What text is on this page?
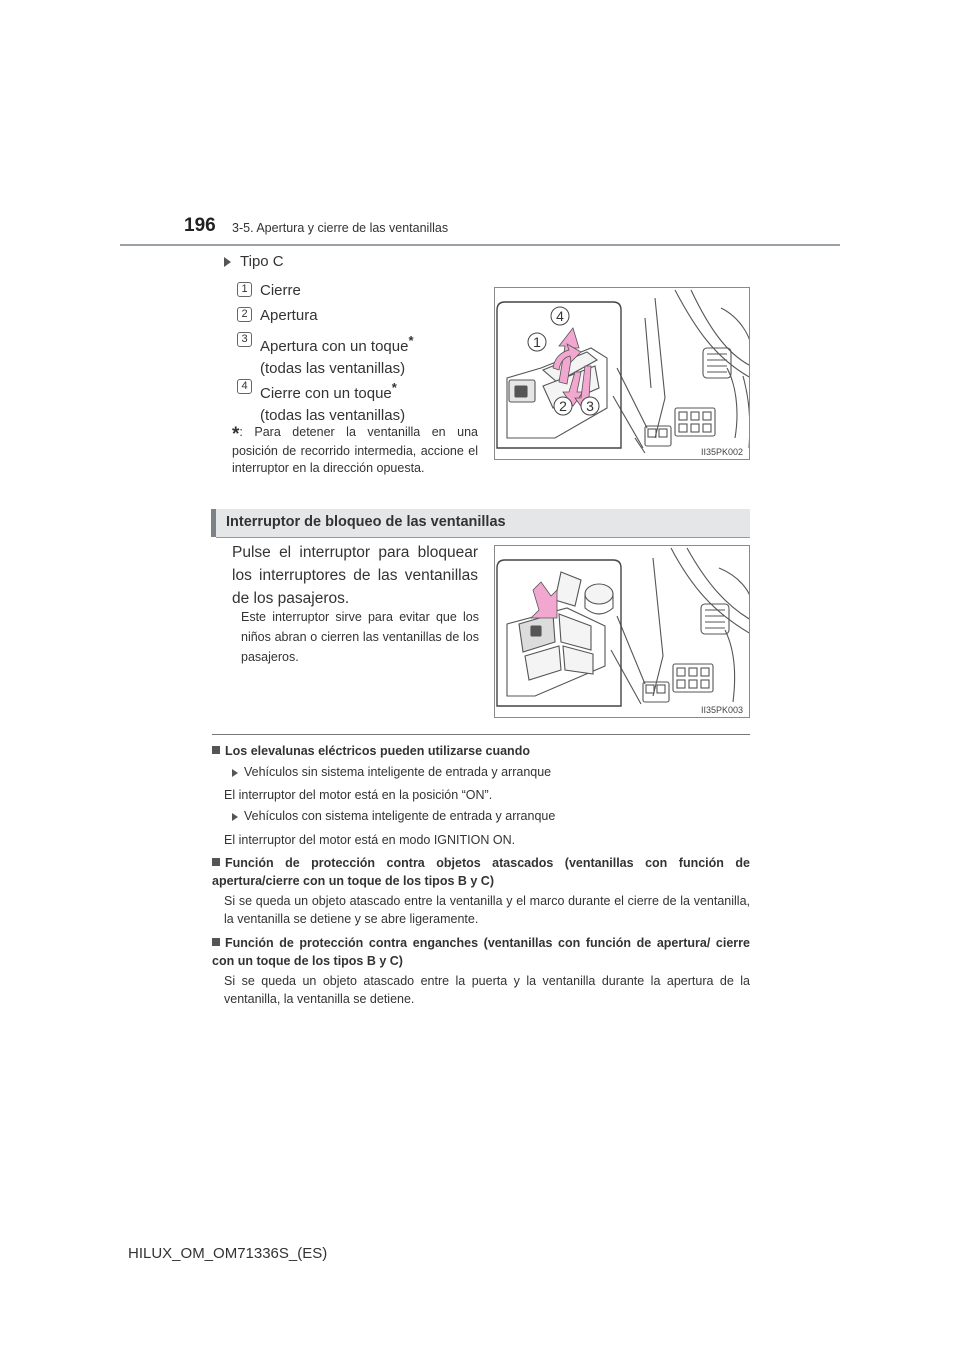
196 3-5. Apertura y cierre de las ventanillas
Tipo C
1 Cierre
2 Apertura
3 Apertura con un toque*
(todas las ventanillas)
4 Cierre con un toque*
(todas las ventanillas)
*: Para detener la ventanilla en una posición de recorrido intermedia, accione el interruptor en la dirección opuesta.
4
1
2 3
II35PK002
Interruptor de bloqueo de las ventanillas
Pulse el interruptor para bloquear los interruptores de las ventanillas de los pasajeros.
Este interruptor sirve para evitar que los niños abran o cierren las ventanillas de los pasajeros.
II35PK003
Los elevalunas eléctricos pueden utilizarse cuando
Vehículos sin sistema inteligente de entrada y arranque
El interruptor del motor está en la posición “ON”.
Vehículos con sistema inteligente de entrada y arranque
El interruptor del motor está en modo IGNITION ON.
Función de protección contra objetos atascados (ventanillas con función de apertura/cierre con un toque de los tipos B y C)
Si se queda un objeto atascado entre la ventanilla y el marco durante el cierre de la ventanilla, la ventanilla se detiene y se abre ligeramente.
Función de protección contra enganches (ventanillas con función de apertura/ cierre con un toque de los tipos B y C)
Si se queda un objeto atascado entre la puerta y la ventanilla durante la apertura de la ventanilla, la ventanilla se detiene.
HILUX_OM_OM71336S_(ES)
